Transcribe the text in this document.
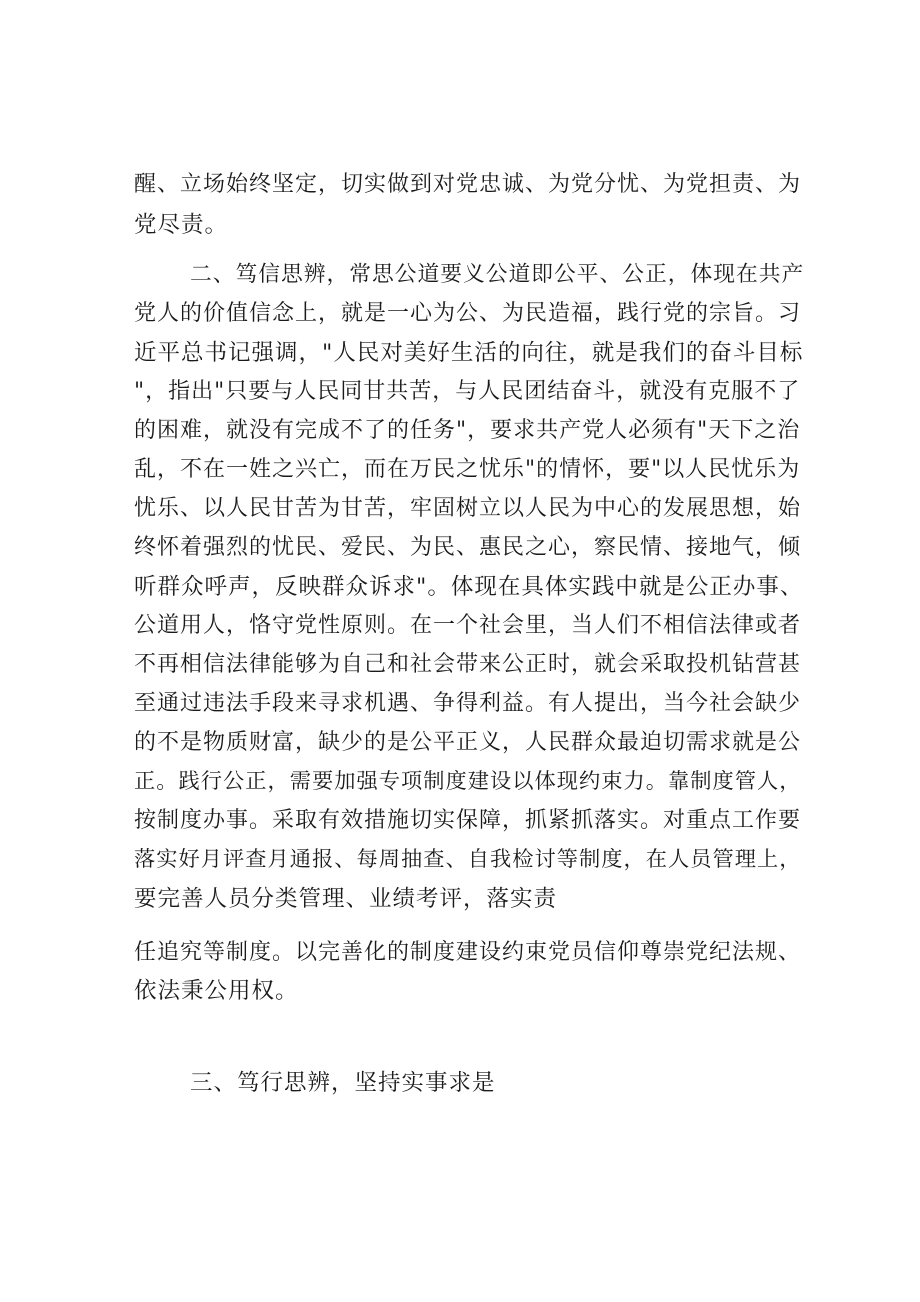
醒、立场始终坚定，切实做到对党忠诚、为党分忧、为党担责、为

党尽责。

二、笃信思辨，常思公道要义公道即公平、公正，体现在共产

党人的价值信念上，就是一心为公、为民造福，践行党的宗旨。习

近平总书记强调，"人民对美好生活的向往，就是我们的奋斗目标

"，指出"只要与人民同甘共苦，与人民团结奋斗，就没有克服不了

的困难，就没有完成不了的任务"，要求共产党人必须有"天下之治

乱，不在一姓之兴亡，而在万民之忧乐"的情怀，要"以人民忧乐为

忧乐、以人民甘苦为甘苦，牢固树立以人民为中心的发展思想，始

终怀着强烈的忧民、爱民、为民、惠民之心，察民情、接地气，倾

听群众呼声，反映群众诉求"。体现在具体实践中就是公正办事、

公道用人，恪守党性原则。在一个社会里，当人们不相信法律或者

不再相信法律能够为自己和社会带来公正时，就会采取投机钻营甚

至通过违法手段来寻求机遇、争得利益。有人提出，当今社会缺少

的不是物质财富，缺少的是公平正义，人民群众最迫切需求就是公

正。践行公正，需要加强专项制度建设以体现约束力。靠制度管人，

按制度办事。采取有效措施切实保障，抓紧抓落实。对重点工作要

落实好月评查月通报、每周抽查、自我检讨等制度，在人员管理上，

要完善人员分类管理、业绩考评，落实责

任追究等制度。以完善化的制度建设约束党员信仰尊崇党纪法规、

依法秉公用权。

三、笃行思辨，坚持实事求是
